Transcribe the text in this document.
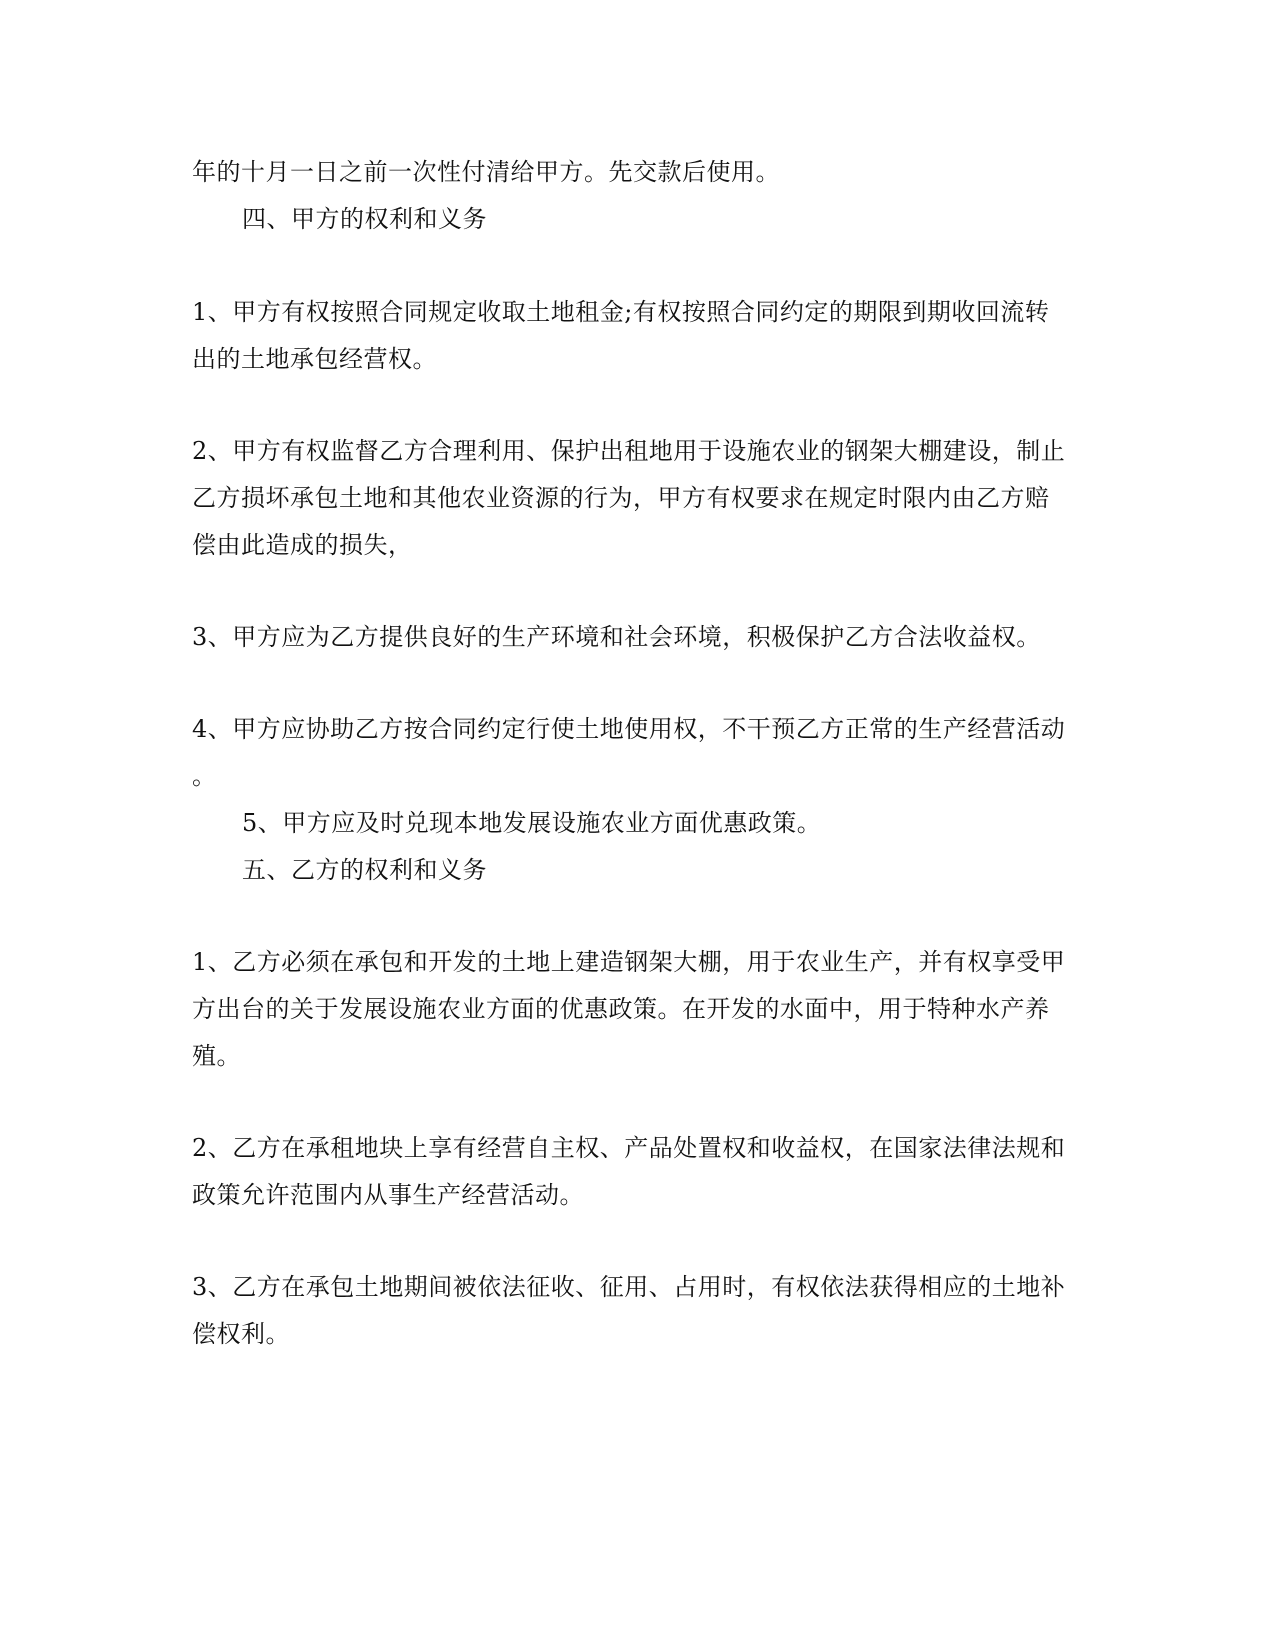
年的十月一日之前一次性付清给甲方。先交款后使用。
四、甲方的权利和义务
1、甲方有权按照合同规定收取土地租金;有权按照合同约定的期限到期收回流转
出的土地承包经营权。
2、甲方有权监督乙方合理利用、保护出租地用于设施农业的钢架大棚建设，制止
乙方损坏承包土地和其他农业资源的行为，甲方有权要求在规定时限内由乙方赔
偿由此造成的损失，
3、甲方应为乙方提供良好的生产环境和社会环境，积极保护乙方合法收益权。
4、甲方应协助乙方按合同约定行使土地使用权，不干预乙方正常的生产经营活动
。
5、甲方应及时兑现本地发展设施农业方面优惠政策。
五、乙方的权利和义务
1、乙方必须在承包和开发的土地上建造钢架大棚，用于农业生产，并有权享受甲
方出台的关于发展设施农业方面的优惠政策。在开发的水面中，用于特种水产养
殖。
2、乙方在承租地块上享有经营自主权、产品处置权和收益权，在国家法律法规和
政策允许范围内从事生产经营活动。
3、乙方在承包土地期间被依法征收、征用、占用时，有权依法获得相应的土地补
偿权利。
